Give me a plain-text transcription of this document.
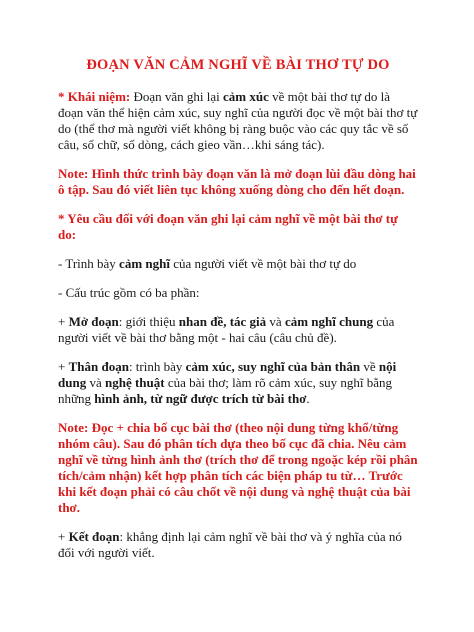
ĐOẠN VĂN CẢM NGHĨ VỀ BÀI THƠ TỰ DO

* Khái niệm: Đoạn văn ghi lại cảm xúc về một bài thơ tự do là đoạn văn thể hiện cảm xúc, suy nghĩ của người đọc về một bài thơ tự do (thể thơ mà người viết không bị ràng buộc vào các quy tắc về số câu, số chữ, số dòng, cách gieo vần…khi sáng tác).

Note: Hình thức trình bày đoạn văn là mở đoạn lùi đầu dòng hai ô tập. Sau đó viết liên tục không xuống dòng cho đến hết đoạn.

* Yêu cầu đối với đoạn văn ghi lại cảm nghĩ về một bài thơ tự do:

- Trình bày cảm nghĩ của người viết về một bài thơ tự do

- Cấu trúc gồm có ba phần:

+ Mở đoạn: giới thiệu nhan đề, tác giả và cảm nghĩ chung của người viết về bài thơ bằng một - hai câu (câu chủ đề).

+ Thân đoạn: trình bày cảm xúc, suy nghĩ của bản thân về nội dung và nghệ thuật của bài thơ; làm rõ cảm xúc, suy nghĩ bằng những hình ảnh, từ ngữ được trích từ bài thơ.

Note: Đọc + chia bố cục bài thơ (theo nội dung từng khổ/từng nhóm câu). Sau đó phân tích dựa theo bố cục đã chia. Nêu cảm nghĩ về từng hình ảnh thơ (trích thơ để trong ngoặc kép rồi phân tích/cảm nhận) kết hợp phân tích các biện pháp tu từ… Trước khi kết đoạn phải có câu chốt về nội dung và nghệ thuật của bài thơ.

+ Kết đoạn: khẳng định lại cảm nghĩ về bài thơ và ý nghĩa của nó đối với người viết.
